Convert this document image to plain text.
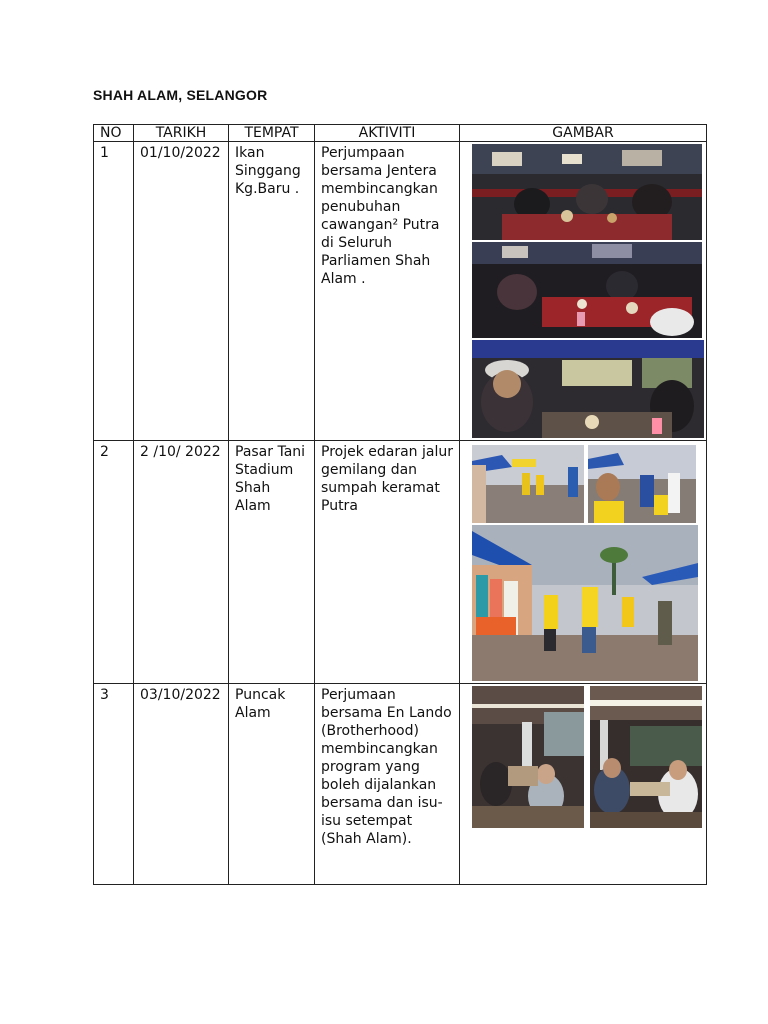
SHAH ALAM, SELANGOR
NO	TARIKH	TEMPAT	AKTIVITI	GAMBAR
1	01/10/2022	Ikan Singgang Kg.Baru .	Perjumpaan bersama Jentera membincangkan penubuhan cawangan² Putra di Seluruh Parliamen Shah Alam .	

2	2 /10/ 2022	Pasar Tani Stadium Shah Alam	Projek edaran jalur gemilang dan sumpah keramat Putra	

3	03/10/2022	Puncak Alam	Perjumaan bersama En Lando (Brotherhood) membincangkan program yang boleh dijalankan bersama dan isu-isu setempat (Shah Alam).	
